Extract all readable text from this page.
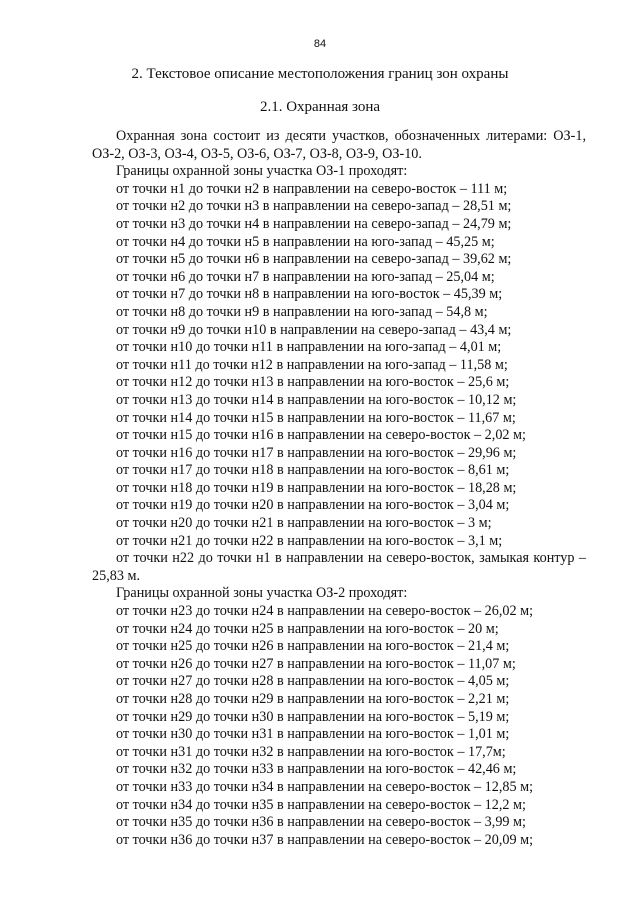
84
2. Текстовое описание местоположения границ зон охраны
2.1. Охранная зона

Охранная зона состоит из десяти участков, обозначенных литерами: ОЗ-1, ОЗ-2, ОЗ-3, ОЗ-4, ОЗ-5, ОЗ-6, ОЗ-7, ОЗ-8, ОЗ-9, ОЗ-10.

Границы охранной зоны участка ОЗ-1 проходят:
от точки н1 до точки н2 в направлении на северо-восток – 111 м;
от точки н2 до точки н3 в направлении на северо-запад – 28,51 м;
от точки н3 до точки н4 в направлении на северо-запад – 24,79 м;
от точки н4 до точки н5 в направлении на юго-запад – 45,25 м;
от точки н5 до точки н6 в направлении на северо-запад – 39,62 м;
от точки н6 до точки н7 в направлении на юго-запад – 25,04 м;
от точки н7 до точки н8 в направлении на юго-восток – 45,39 м;
от точки н8 до точки н9 в направлении на юго-запад – 54,8 м;
от точки н9 до точки н10 в направлении на северо-запад – 43,4 м;
от точки н10 до точки н11 в направлении на юго-запад – 4,01 м;
от точки н11 до точки н12 в направлении на юго-запад – 11,58 м;
от точки н12 до точки н13 в направлении на юго-восток – 25,6 м;
от точки н13 до точки н14 в направлении на юго-восток – 10,12 м;
от точки н14 до точки н15 в направлении на юго-восток – 11,67 м;
от точки н15 до точки н16 в направлении на северо-восток – 2,02 м;
от точки н16 до точки н17 в направлении на юго-восток – 29,96 м;
от точки н17 до точки н18 в направлении на юго-восток – 8,61 м;
от точки н18 до точки н19 в направлении на юго-восток – 18,28 м;
от точки н19 до точки н20 в направлении на юго-восток – 3,04 м;
от точки н20 до точки н21 в направлении на юго-восток – 3 м;
от точки н21 до точки н22 в направлении на юго-восток – 3,1 м;

от точки н22 до точки н1 в направлении на северо-восток, замыкая контур – 25,83 м.

Границы охранной зоны участка ОЗ-2 проходят:
от точки н23 до точки н24 в направлении на северо-восток – 26,02 м;
от точки н24 до точки н25 в направлении на юго-восток – 20 м;
от точки н25 до точки н26 в направлении на юго-восток – 21,4 м;
от точки н26 до точки н27 в направлении на юго-восток – 11,07 м;
от точки н27 до точки н28 в направлении на юго-восток – 4,05 м;
от точки н28 до точки н29 в направлении на юго-восток – 2,21 м;
от точки н29 до точки н30 в направлении на юго-восток – 5,19 м;
от точки н30 до точки н31 в направлении на юго-восток – 1,01 м;
от точки н31 до точки н32 в направлении на юго-восток – 17,7м;
от точки н32 до точки н33 в направлении на юго-восток – 42,46 м;
от точки н33 до точки н34 в направлении на северо-восток – 12,85 м;
от точки н34 до точки н35 в направлении на северо-восток – 12,2 м;
от точки н35 до точки н36 в направлении на северо-восток – 3,99 м;
от точки н36 до точки н37 в направлении на северо-восток – 20,09 м;
